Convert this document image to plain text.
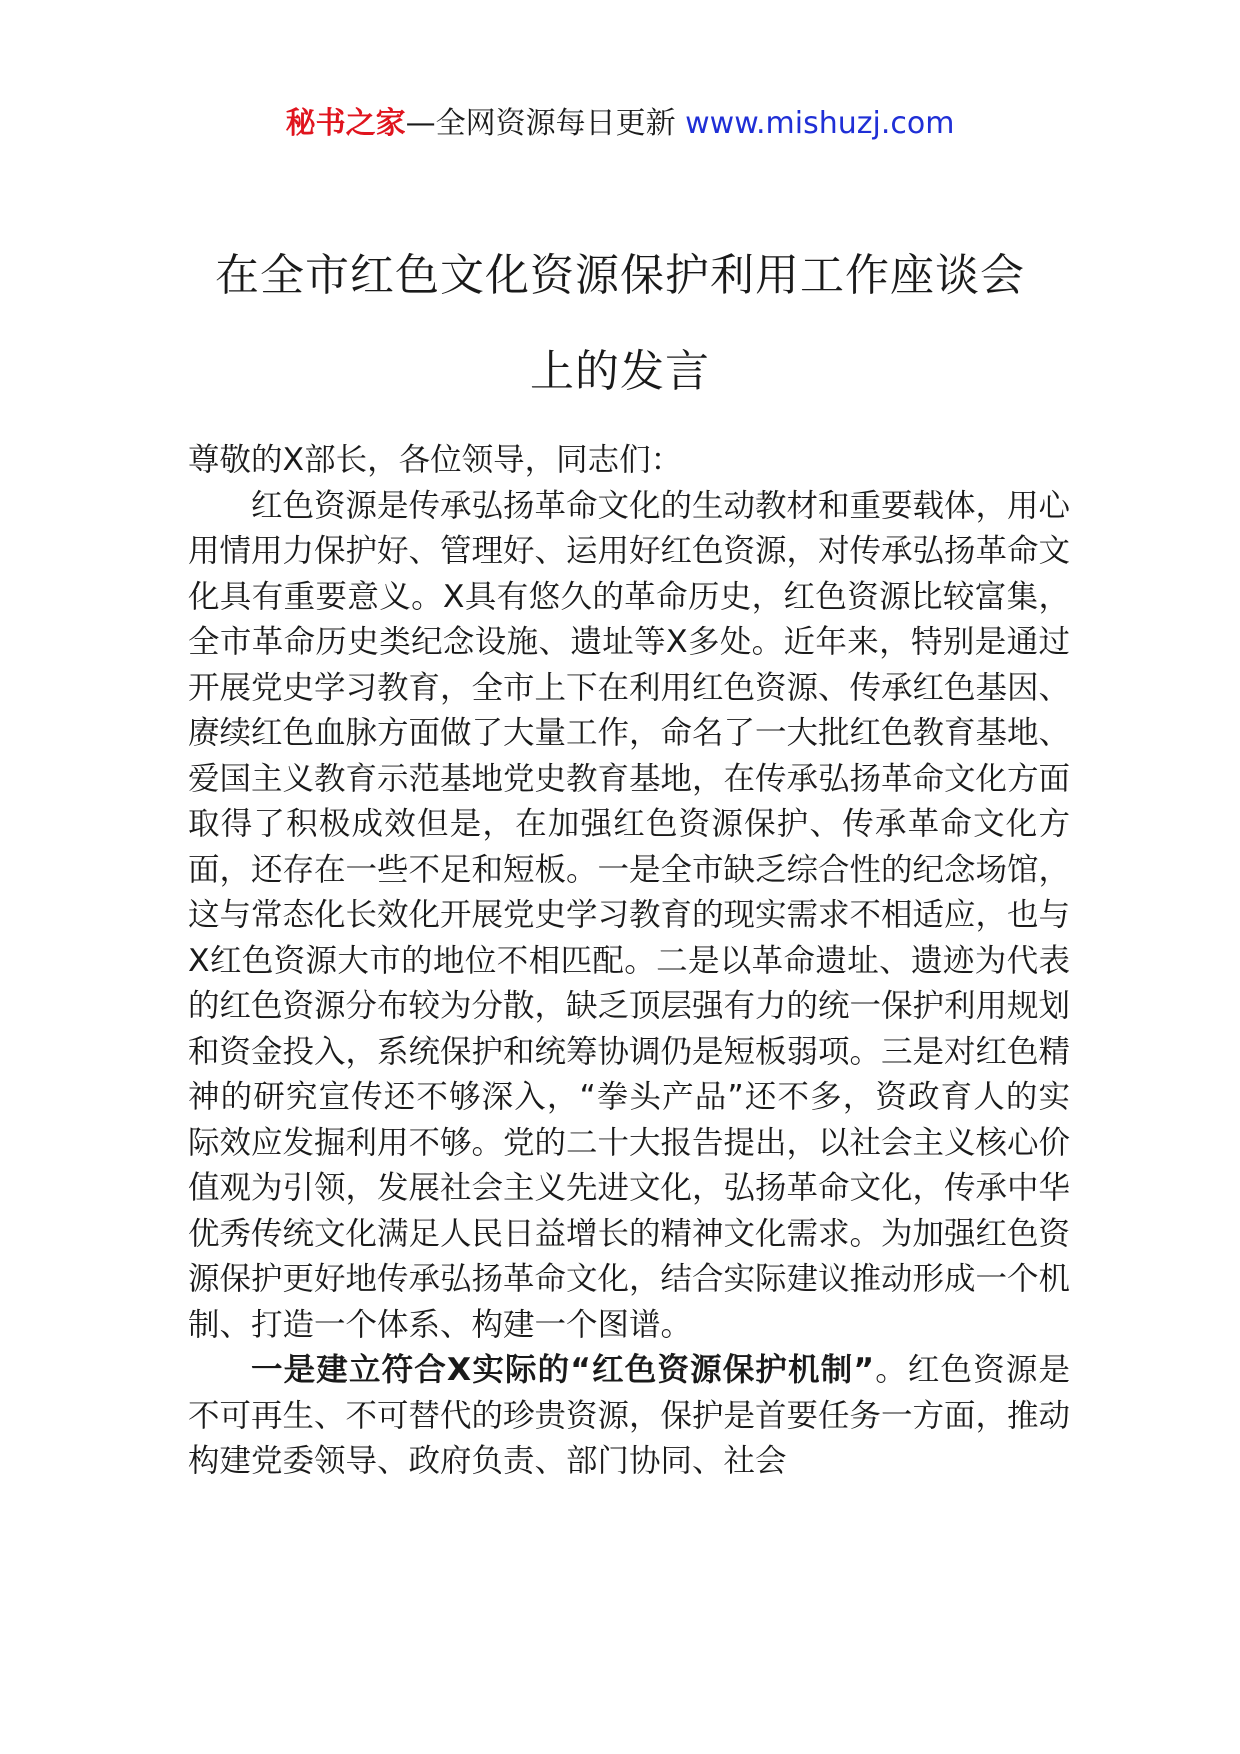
秘书之家—全网资源每日更新 www.mishuzj.com
在全市红色文化资源保护利用工作座谈会
上的发言

尊敬的X部长，各位领导，同志们：

红色资源是传承弘扬革命文化的生动教材和重要载体，用心用情用力保护好、管理好、运用好红色资源，对传承弘扬革命文化具有重要意义。X具有悠久的革命历史，红色资源比较富集，全市革命历史类纪念设施、遗址等X多处。近年来，特别是通过开展党史学习教育，全市上下在利用红色资源、传承红色基因、赓续红色血脉方面做了大量工作，命名了一大批红色教育基地、爱国主义教育示范基地党史教育基地，在传承弘扬革命文化方面取得了积极成效但是，在加强红色资源保护、传承革命文化方面，还存在一些不足和短板。一是全市缺乏综合性的纪念场馆，这与常态化长效化开展党史学习教育的现实需求不相适应，也与X红色资源大市的地位不相匹配。二是以革命遗址、遗迹为代表的红色资源分布较为分散，缺乏顶层强有力的统一保护利用规划和资金投入，系统保护和统筹协调仍是短板弱项。三是对红色精神的研究宣传还不够深入，“拳头产品”还不多，资政育人的实际效应发掘利用不够。党的二十大报告提出，以社会主义核心价值观为引领，发展社会主义先进文化，弘扬革命文化，传承中华优秀传统文化满足人民日益增长的精神文化需求。为加强红色资源保护更好地传承弘扬革命文化，结合实际建议推动形成一个机制、打造一个体系、构建一个图谱。

一是建立符合X实际的“红色资源保护机制”。红色资源是不可再生、不可替代的珍贵资源，保护是首要任务一方面，推动构建党委领导、政府负责、部门协同、社会
